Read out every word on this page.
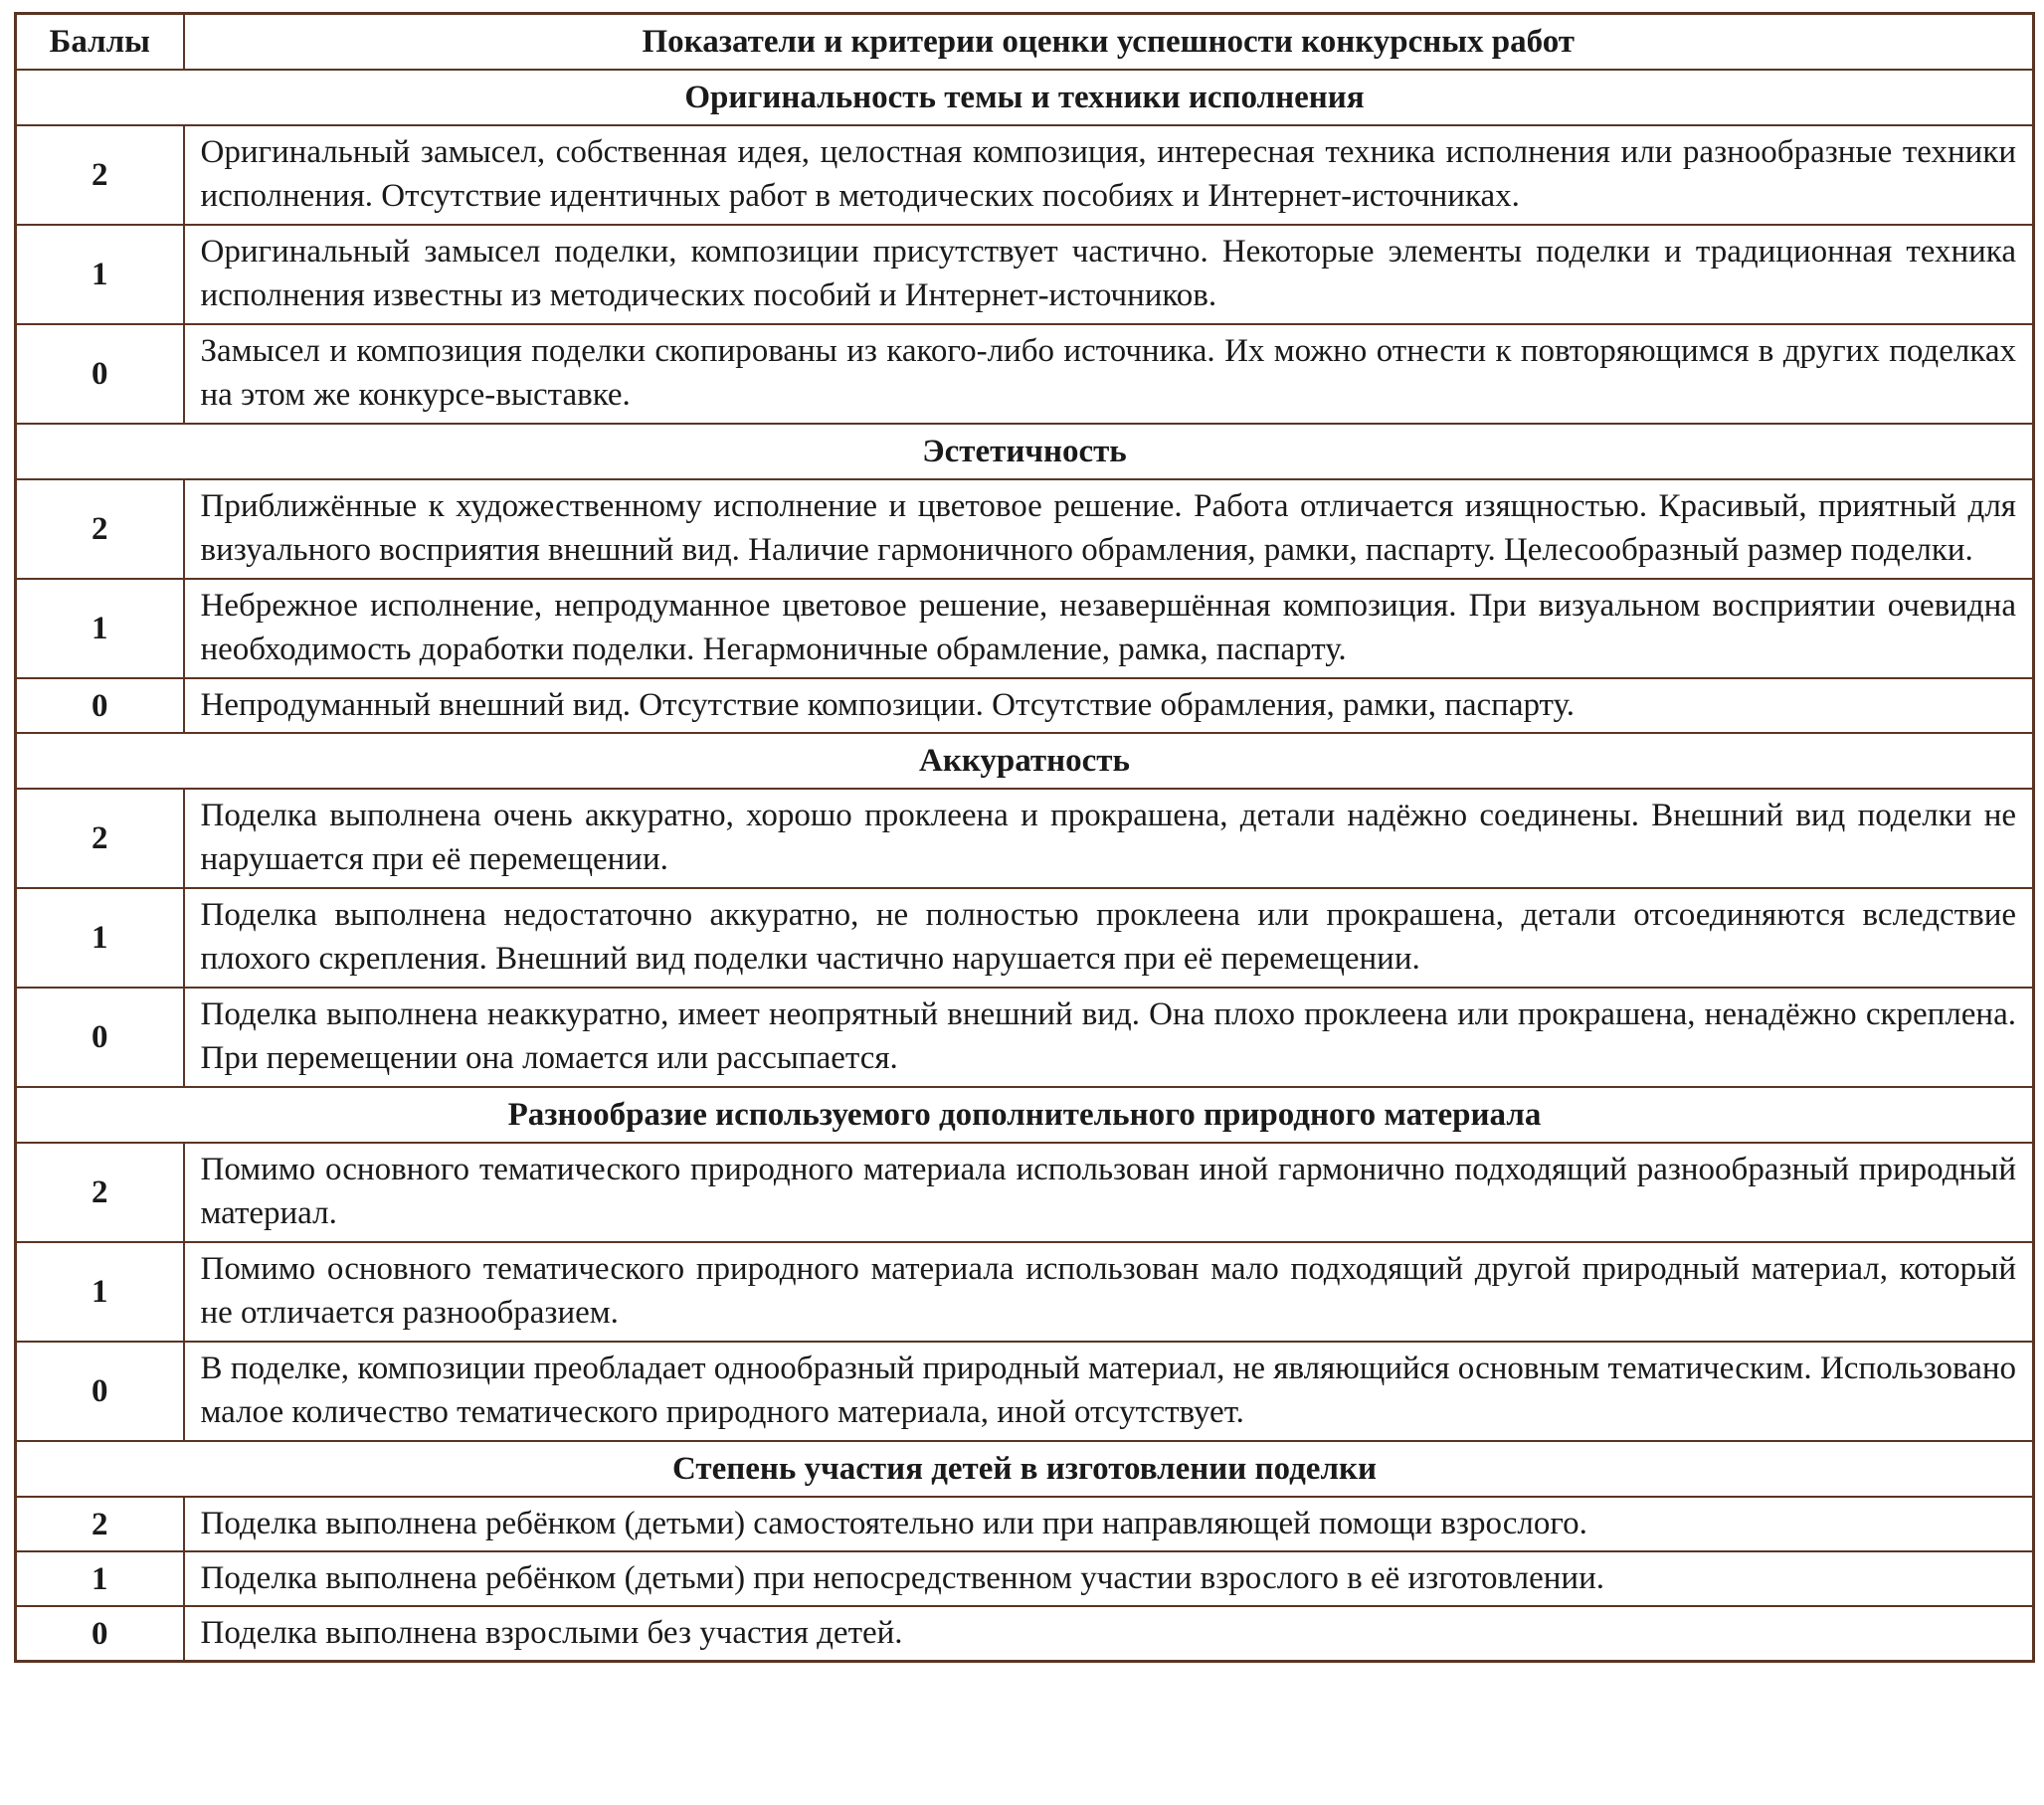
Баллы	Показатели и критерии оценки успешности конкурсных работ
Оригинальность темы и техники исполнения	
2	Оригинальный замысел, собственная идея, целостная композиция, интересная техника исполнения или разнообразные техники исполнения. Отсутствие идентичных работ в методических пособиях и Интернет-источниках.
1	Оригинальный замысел поделки, композиции присутствует частично. Некоторые элементы поделки и традиционная техника исполнения известны из методических пособий и Интернет-источников.
0	Замысел и композиция поделки скопированы из какого-либо источника. Их можно отнести к повторяющимся в других поделках на этом же конкурсе-выставке.
Эстетичность	
2	Приближённые к художественному исполнение и цветовое решение. Работа отличается изящностью. Красивый, приятный для визуального восприятия внешний вид. Наличие гармоничного обрамления, рамки, паспарту. Целесообразный размер поделки.
1	Небрежное исполнение, непродуманное цветовое решение, незавершённая композиция. При визуальном восприятии очевидна необходимость доработки поделки. Негармоничные обрамление, рамка, паспарту.
0	Непродуманный внешний вид. Отсутствие композиции. Отсутствие обрамления, рамки, паспарту.
Аккуратность	
2	Поделка выполнена очень аккуратно, хорошо проклеена и прокрашена, детали надёжно соединены. Внешний вид поделки не нарушается при её перемещении.
1	Поделка выполнена недостаточно аккуратно, не полностью проклеена или прокрашена, детали отсоединяются вследствие плохого скрепления. Внешний вид поделки частично нарушается при её перемещении.
0	Поделка выполнена неаккуратно, имеет неопрятный внешний вид. Она плохо проклеена или прокрашена, ненадёжно скреплена. При перемещении она ломается или рассыпается.
Разнообразие используемого дополнительного природного материала	
2	Помимо основного тематического природного материала использован иной гармонично подходящий разнообразный природный материал.
1	Помимо основного тематического природного материала использован мало подходящий другой природный материал, который не отличается разнообразием.
0	В поделке, композиции преобладает однообразный природный материал, не являющийся основным тематическим. Использовано малое количество тематического природного материала, иной отсутствует.
Степень участия детей в изготовлении поделки	
2	Поделка выполнена ребёнком (детьми) самостоятельно или при направляющей помощи взрослого.
1	Поделка выполнена ребёнком (детьми) при непосредственном участии взрослого в её изготовлении.
0	Поделка выполнена взрослыми без участия детей.
